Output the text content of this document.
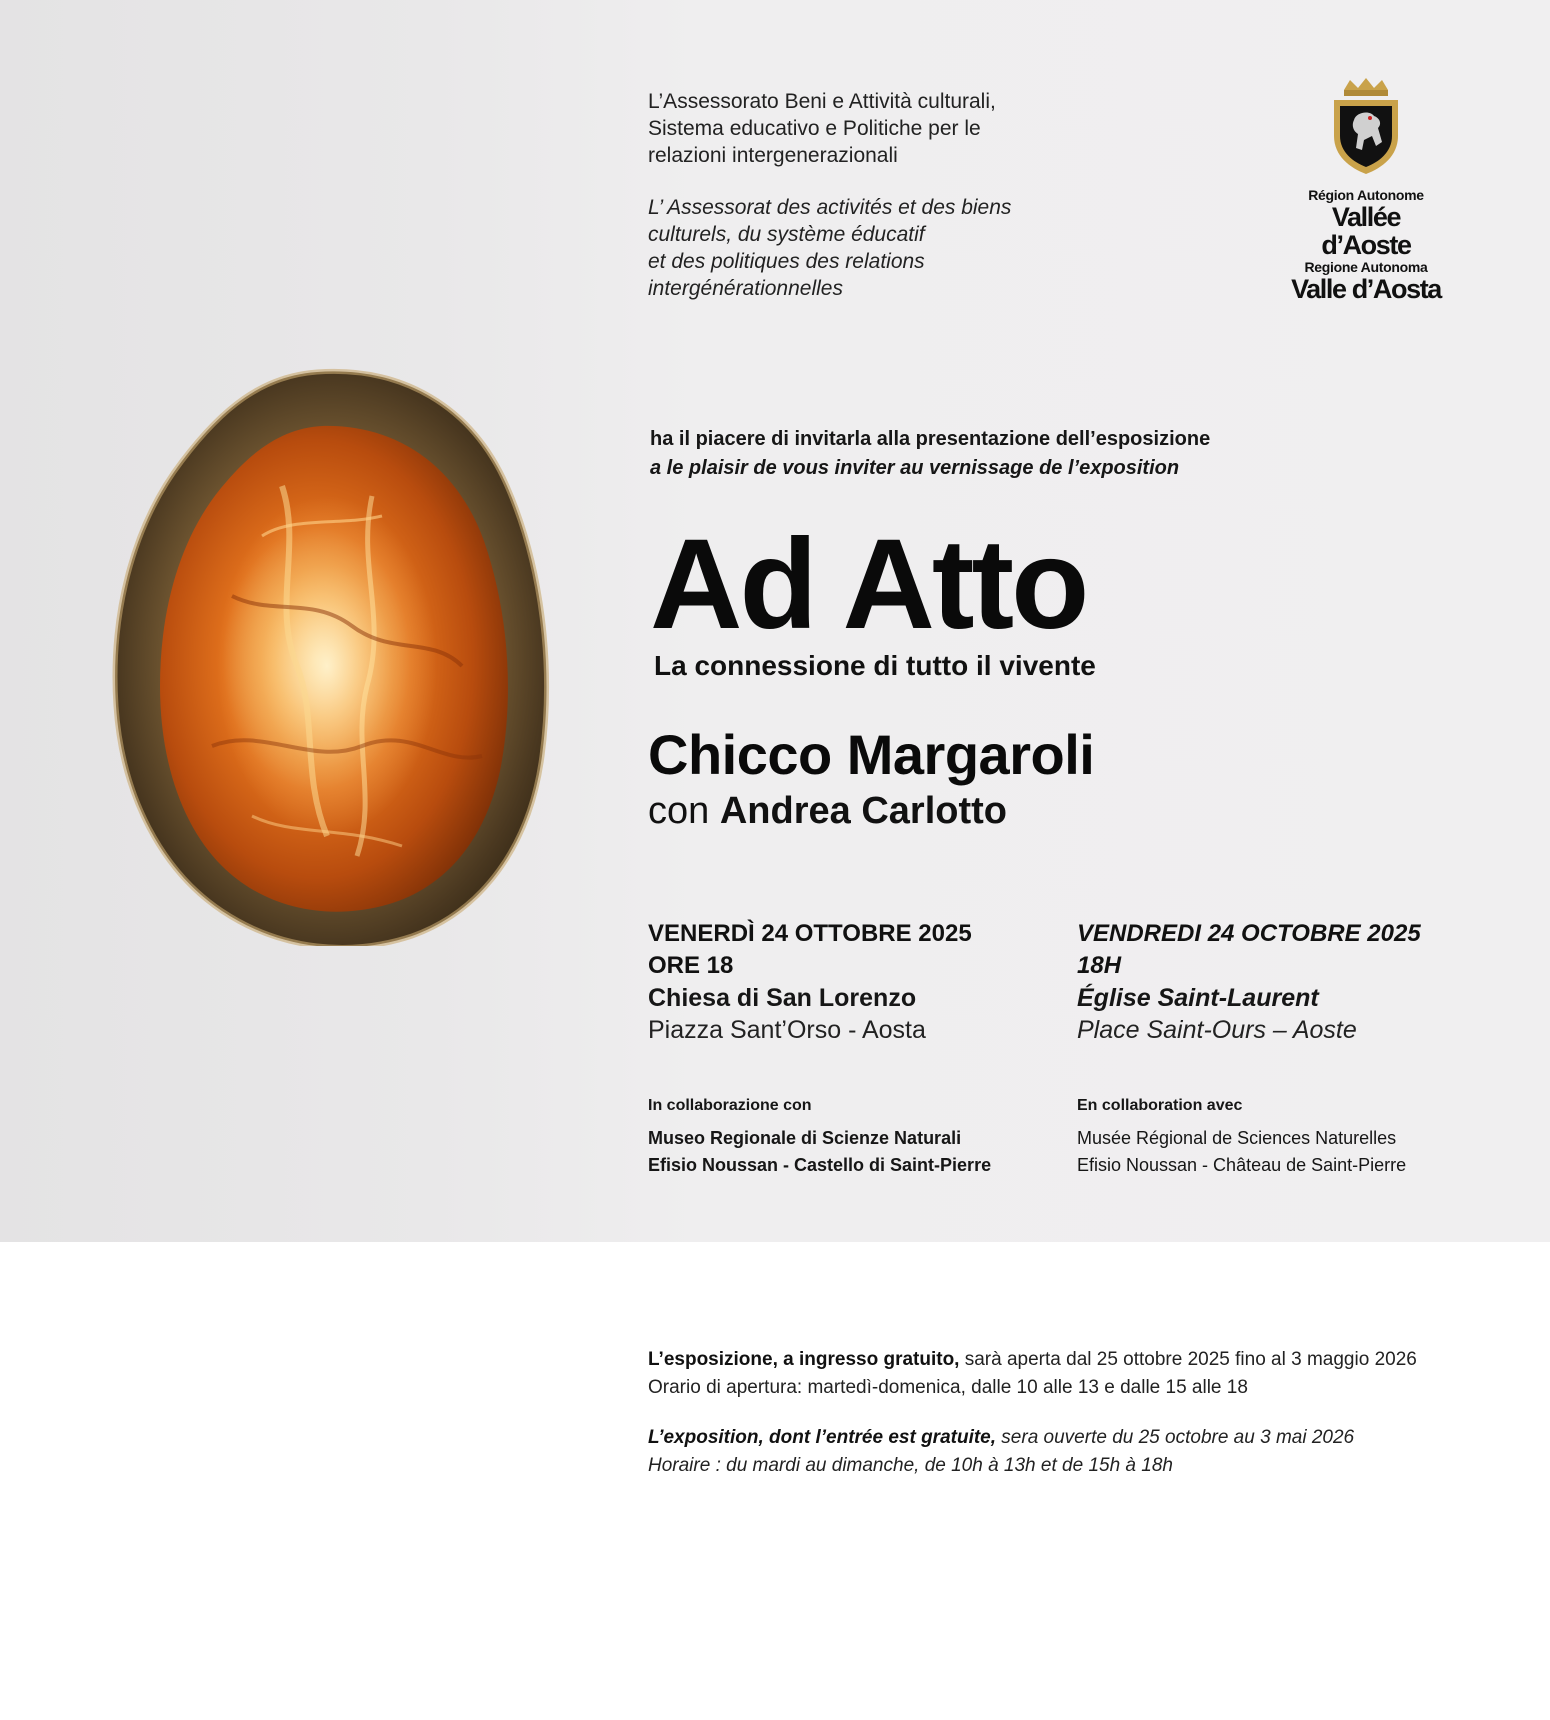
L’Assessorato Beni e Attività culturali,
Sistema educativo e Politiche per le
relazioni intergenerazionali
L’ Assessorat des activités et des biens
culturels, du système éducatif
et des politiques des relations
intergénérationnelles
Région Autonome
Vallée d’Aoste
Regione Autonoma
Valle d’Aosta
ha il piacere di invitarla alla presentazione dell’esposizione
a le plaisir de vous inviter au vernissage de l’exposition
Ad Atto
La connessione di tutto il vivente
Chicco Margaroli
con Andrea Carlotto
VENERDÌ 24 OTTOBRE 2025
ORE 18
Chiesa di San Lorenzo
Piazza Sant’Orso - Aosta
VENDREDI 24 OCTOBRE 2025
18H
Église Saint-Laurent
Place Saint-Ours – Aoste
In collaborazione con
Museo Regionale di Scienze Naturali
Efisio Noussan - Castello di Saint-Pierre
En collaboration avec
Musée Régional de Sciences Naturelles
Efisio Noussan - Château de Saint-Pierre
L’esposizione, a ingresso gratuito, sarà aperta dal 25 ottobre 2025 fino al 3 maggio 2026
Orario di apertura: martedì-domenica, dalle 10 alle 13 e dalle 15 alle 18
L’exposition, dont l’entrée est gratuite, sera ouverte du 25 octobre au 3 mai 2026
Horaire : du mardi au dimanche, de 10h à 13h et de 15h à 18h
